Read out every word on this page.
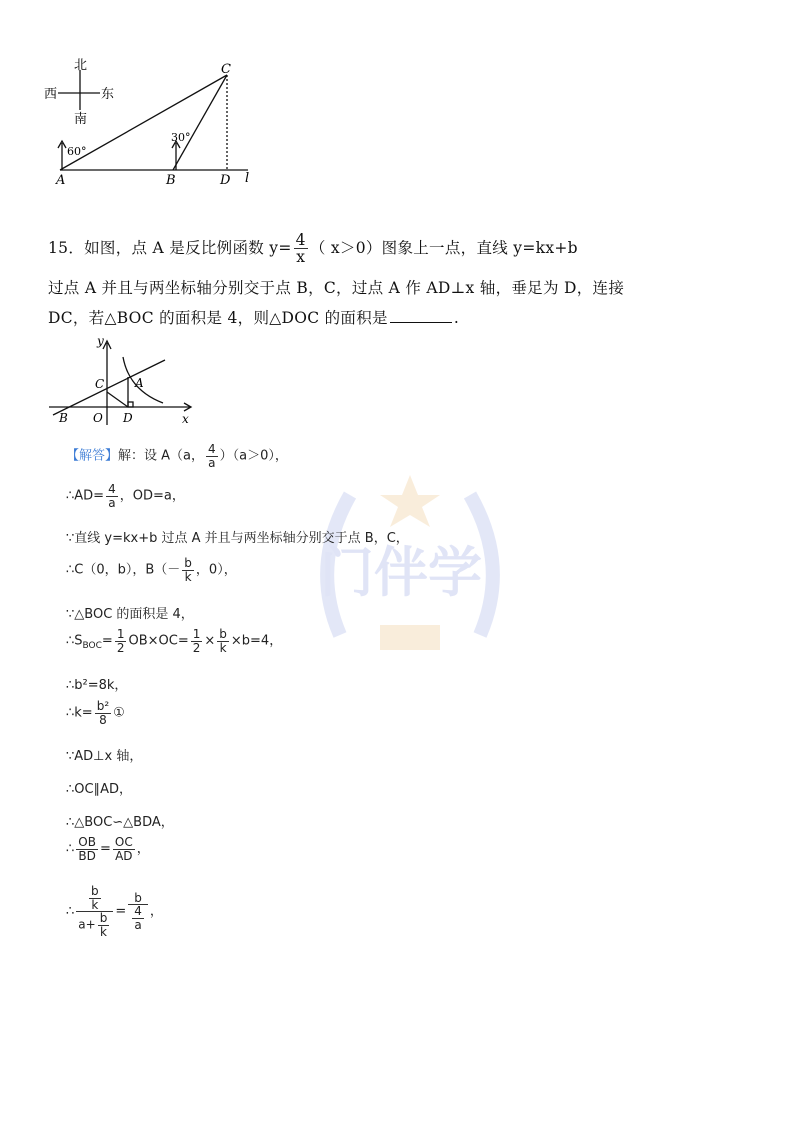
门伴学
北
西	东
南
C
A	B	D l
60°
30°
15．如图，点 A 是反比例函数 $y= \frac{4}{x}$ （ x＞0）图象上一点，直线 y=kx+b
过点 A 并且与两坐标轴分别交于点 B，C，过点 A 作 AD⊥x 轴，垂足为 D，连接
DC，若△BOC 的面积是 4，则△DOC 的面积是	.
y
x
C	A
B O D
【解答】解：设 A（a， $\frac{4}{a} )(a>0)$，
∴AD= $\frac{4}{a}$ ，OD=a，
∵直线 y=kx+b 过点 A 并且与两坐标轴分别交于点 B，C，
∴C（0，b），$B(- \frac{b}{k}$ ，0），
∵△BOC 的面积是 4，
$\therefore S_{BOC}= \frac{1}{2} OB\times OC= \frac{1}{2} \times \frac{b}{k} \times b=4$，
∴b²=8k，
∴k= $\frac{\text{b²}}{8}$ ①
∵AD⊥x 轴，
∴OC∥AD，
∴△BOC∽△BDA，
∴ $\frac{OB}{BD} = \frac{OC}{AD}$ ，
∴ $\frac{\frac{b}{k}}{a+ \frac{b}{k}} = \frac{b}{\frac{4}{a}}$ ，
